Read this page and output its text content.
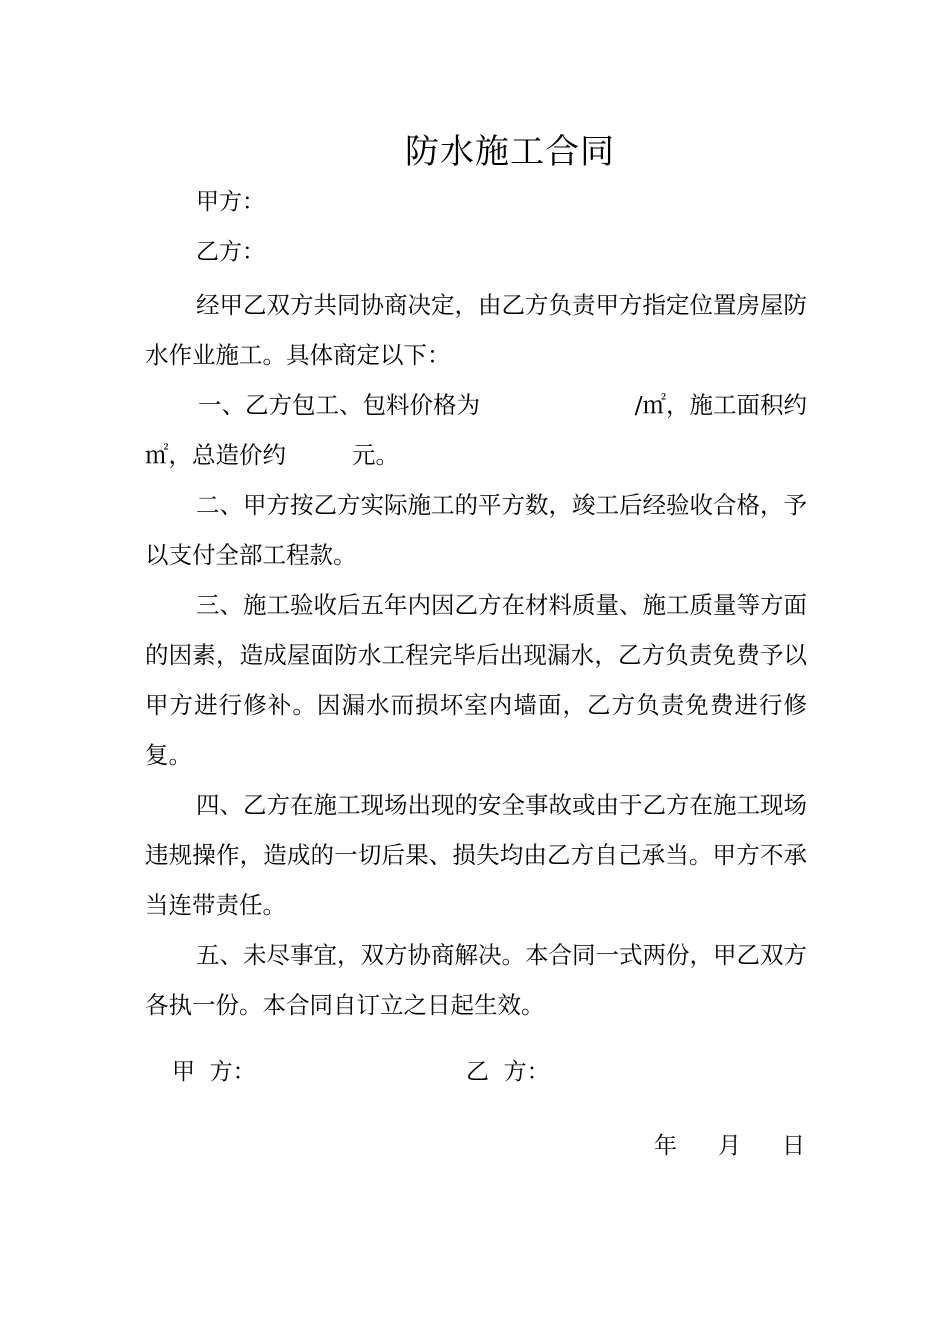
防水施工合同
甲方：
乙方：

经甲乙双方共同协商决定，由乙方负责甲方指定位置房屋防水作业施工。具体商定以下：

一、乙方包工、包料价格为	/㎡，施工面积约
㎡，总造价约	元。

二、甲方按乙方实际施工的平方数，竣工后经验收合格，予以支付全部工程款。

三、施工验收后五年内因乙方在材料质量、施工质量等方面的因素，造成屋面防水工程完毕后出现漏水，乙方负责免费予以甲方进行修补。因漏水而损坏室内墙面，乙方负责免费进行修复。

四、乙方在施工现场出现的安全事故或由于乙方在施工现场违规操作，造成的一切后果、损失均由乙方自己承当。甲方不承当连带责任。

五、未尽事宜，双方协商解决。本合同一式两份，甲乙双方各执一份。本合同自订立之日起生效。

甲  方：	乙  方：
年 月 日
